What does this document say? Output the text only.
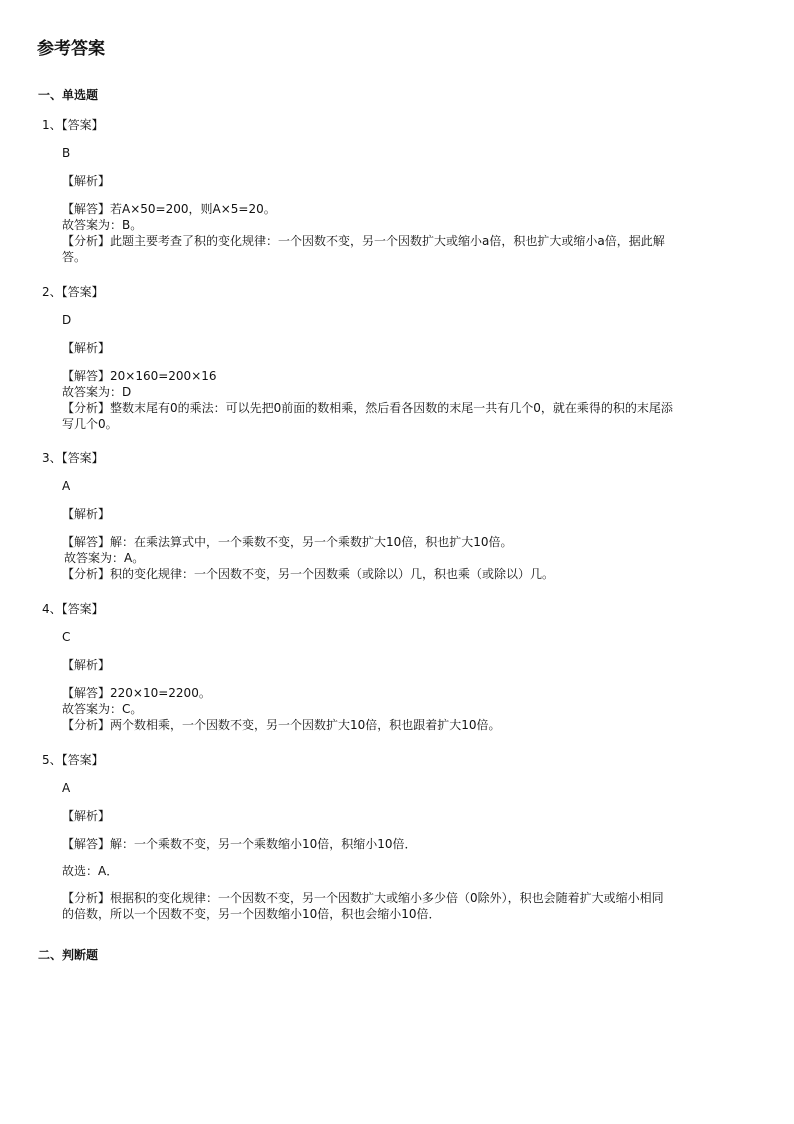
参考答案
一、单选题
1、【答案】
B
【解析】

【解答】若A×50=200，则A×5=20。

故答案为：B。

【分析】此题主要考查了积的变化规律：一个因数不变，另一个因数扩大或缩小a倍，积也扩大或缩小a倍，据此解

答。

2、【答案】
D
【解析】

【解答】20×160=200×16

故答案为：D

【分析】整数末尾有0的乘法：可以先把0前面的数相乘，然后看各因数的末尾一共有几个0，就在乘得的积的末尾添

写几个0。

3、【答案】
A
【解析】

【解答】解：在乘法算式中，一个乘数不变，另一个乘数扩大10倍，积也扩大10倍。

故答案为：A。

【分析】积的变化规律：一个因数不变，另一个因数乘（或除以）几，积也乘（或除以）几。

4、【答案】
C
【解析】

【解答】220×10=2200。

故答案为：C。

【分析】两个数相乘，一个因数不变，另一个因数扩大10倍，积也跟着扩大10倍。

5、【答案】
A
【解析】

【解答】解：一个乘数不变，另一个乘数缩小10倍，积缩小10倍．

故选：A．

【分析】根据积的变化规律：一个因数不变，另一个因数扩大或缩小多少倍（0除外），积也会随着扩大或缩小相同

的倍数，所以一个因数不变，另一个因数缩小10倍，积也会缩小10倍．

二、判断题
